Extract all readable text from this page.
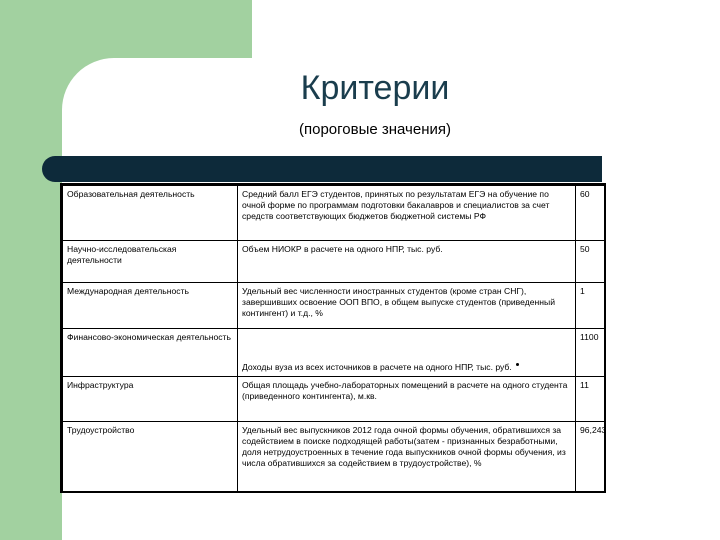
Критерии
(пороговые значения)
Образовательная деятельность	Средний балл ЕГЭ студентов, принятых по результатам ЕГЭ на обучение по очной форме по программам подготовки бакалавров и специалистов за счет средств соответствующих бюджетов бюджетной системы РФ	60
Научно-исследовательская деятельности	Объем НИОКР в расчете на одного НПР, тыс. руб.	50
Международная деятельность	Удельный вес численности иностранных студентов (кроме стран СНГ), завершивших освоение ООП ВПО, в общем выпуске студентов (приведенный контингент) и т.д., %	1
Финансово-экономическая деятельность	Доходы вуза из всех источников в расчете на одного НПР, тыс. руб.	1100
Инфраструктура	Общая площадь учебно-лабораторных помещений в расчете на одного студента (приведенного контингента), м.кв.	11
Трудоустройство	Удельный вес выпускников 2012 года очной формы обучения, обратившихся за содействием в поиске подходящей работы(затем - признанных безработными, доля нетрудоустроенных в течение года выпускников очной формы обучения, из числа обратившихся за содействием в трудоустройстве), %	96,243
